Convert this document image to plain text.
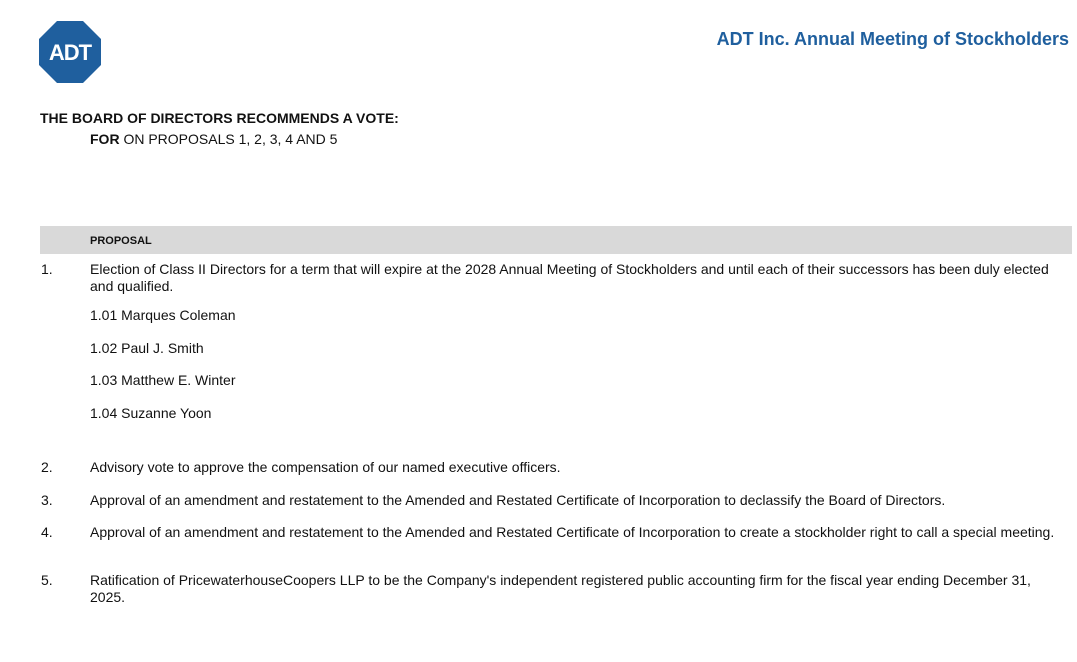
ADT
ADT Inc. Annual Meeting of Stockholders
THE BOARD OF DIRECTORS RECOMMENDS A VOTE:
FOR ON PROPOSALS 1, 2, 3, 4 AND 5
PROPOSAL
1.	Election of Class II Directors for a term that will expire at the 2028 Annual Meeting of Stockholders and until each of their successors has been duly elected and qualified.
1.01 Marques Coleman
1.02 Paul J. Smith
1.03 Matthew E. Winter
1.04 Suzanne Yoon
2.	Advisory vote to approve the compensation of our named executive officers.
3.	Approval of an amendment and restatement to the Amended and Restated Certificate of Incorporation to declassify the Board of Directors.
4.	Approval of an amendment and restatement to the Amended and Restated Certificate of Incorporation to create a stockholder right to call a special meeting.
5.	Ratification of PricewaterhouseCoopers LLP to be the Company's independent registered public accounting firm for the fiscal year ending December 31, 2025.
